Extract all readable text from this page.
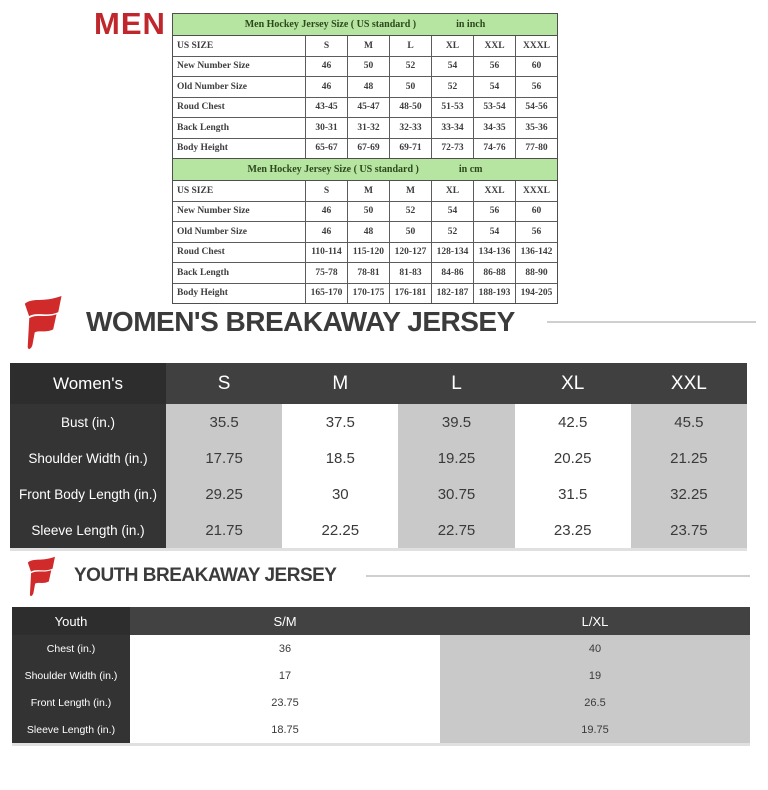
MEN	Men Hockey Jersey Size ( US standard )	in inch
US SIZE	S	M	L	XL	XXL	XXXL
New Number Size	46	50	52	54	56	60
Old Number Size	46	48	50	52	54	56
Roud Chest	43-45	45-47	48-50	51-53	53-54	54-56
Back Length	30-31	31-32	32-33	33-34	34-35	35-36
Body Height	65-67	67-69	69-71	72-73	74-76	77-80
Men Hockey Jersey Size ( US standard )	in cm
US SIZE	S	M	M	XL	XXL	XXXL
New Number Size	46	50	52	54	56	60
Old Number Size	46	48	50	52	54	56
Roud Chest	110-114	115-120	120-127	128-134	134-136	136-142
Back Length	75-78	78-81	81-83	84-86	86-88	88-90
Body Height	165-170	170-175	176-181	182-187	188-193	194-205
WOMEN'S BREAKAWAY JERSEY
Women's	S	M	L	XL	XXL
Bust (in.)	35.5	37.5	39.5	42.5	45.5
Shoulder Width (in.)	17.75	18.5	19.25	20.25	21.25
Front Body Length (in.)	29.25	30	30.75	31.5	32.25
Sleeve Length (in.)	21.75	22.25	22.75	23.25	23.75
YOUTH BREAKAWAY JERSEY
Youth	S/M	L/XL
Chest (in.)	36	40
Shoulder Width (in.)	17	19
Front Length (in.)	23.75	26.5
Sleeve Length (in.)	18.75	19.75
